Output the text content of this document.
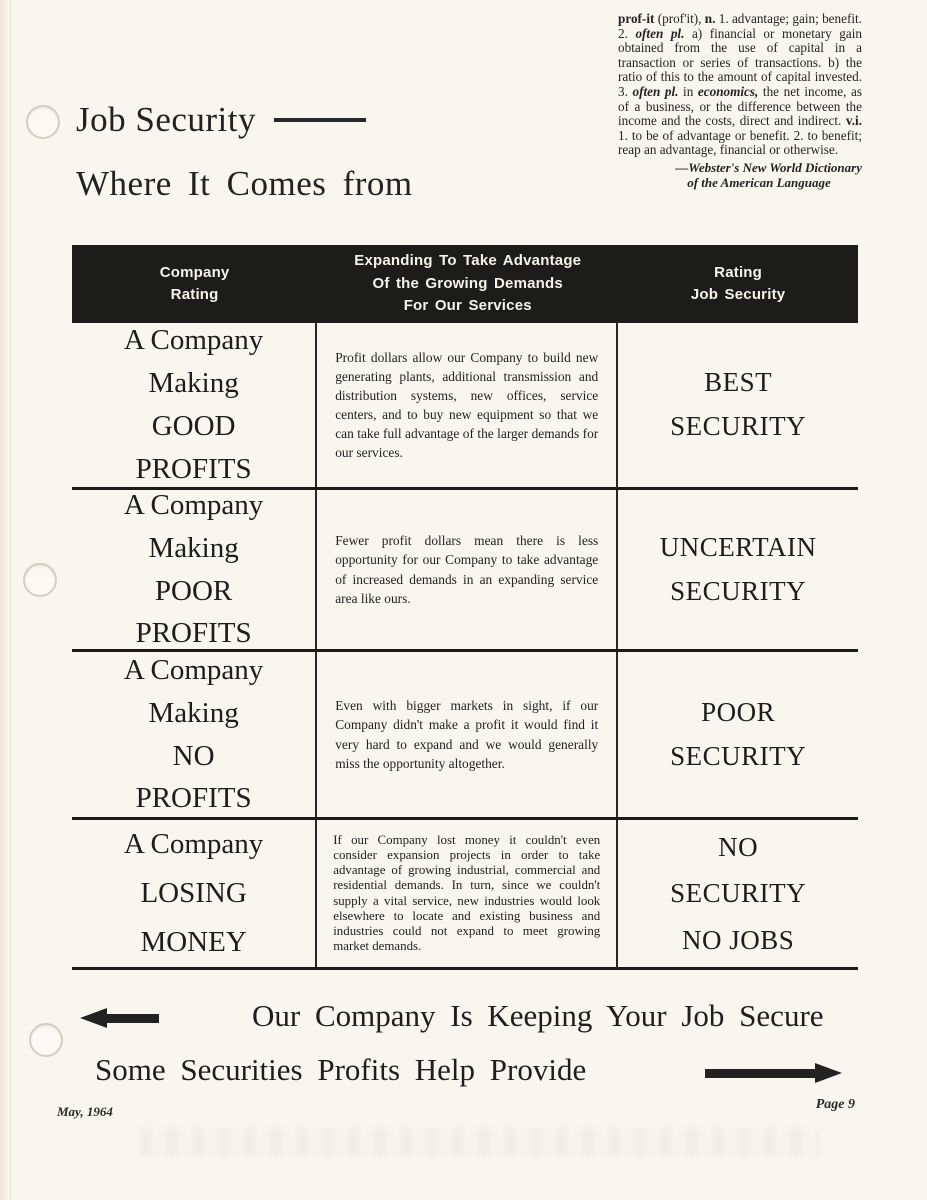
prof-it (prof'it), n. 1. advantage; gain; benefit. 2. often pl. a) financial or monetary gain obtained from the use of capital in a transaction or series of transactions. b) the ratio of this to the amount of capital invested. 3. often pl. in economics, the net income, as of a business, or the difference between the income and the costs, direct and indirect. v.i. 1. to be of advantage or benefit. 2. to benefit; reap an advantage, financial or otherwise.

—Webster's New World Dictionary
of the American Language
Job Security
Where It Comes from
Company
Rating
Expanding To Take Advantage
Of the Growing Demands
For Our Services
Rating
Job Security
A Company
Making
GOOD
PROFITS

Profit dollars allow our Company to build new generating plants, additional transmission and distribution systems, new offices, service centers, and to buy new equipment so that we can take full advantage of the larger demands for our services.

BEST
SECURITY
A Company
Making
POOR
PROFITS

Fewer profit dollars mean there is less opportunity for our Company to take advantage of increased demands in an expanding service area like ours.

UNCERTAIN
SECURITY
A Company
Making
NO
PROFITS

Even with bigger markets in sight, if our Company didn't make a profit it would find it very hard to expand and we would generally miss the opportunity altogether.

POOR
SECURITY
A Company
LOSING
MONEY

If our Company lost money it couldn't even consider expansion projects in order to take advantage of growing industrial, commercial and residential demands. In turn, since we couldn't supply a vital service, new industries would look elsewhere to locate and existing business and industries could not expand to meet growing market demands.

NO
SECURITY
NO JOBS
Our Company Is Keeping Your Job Secure
Some Securities Profits Help Provide
May, 1964	Page 9
